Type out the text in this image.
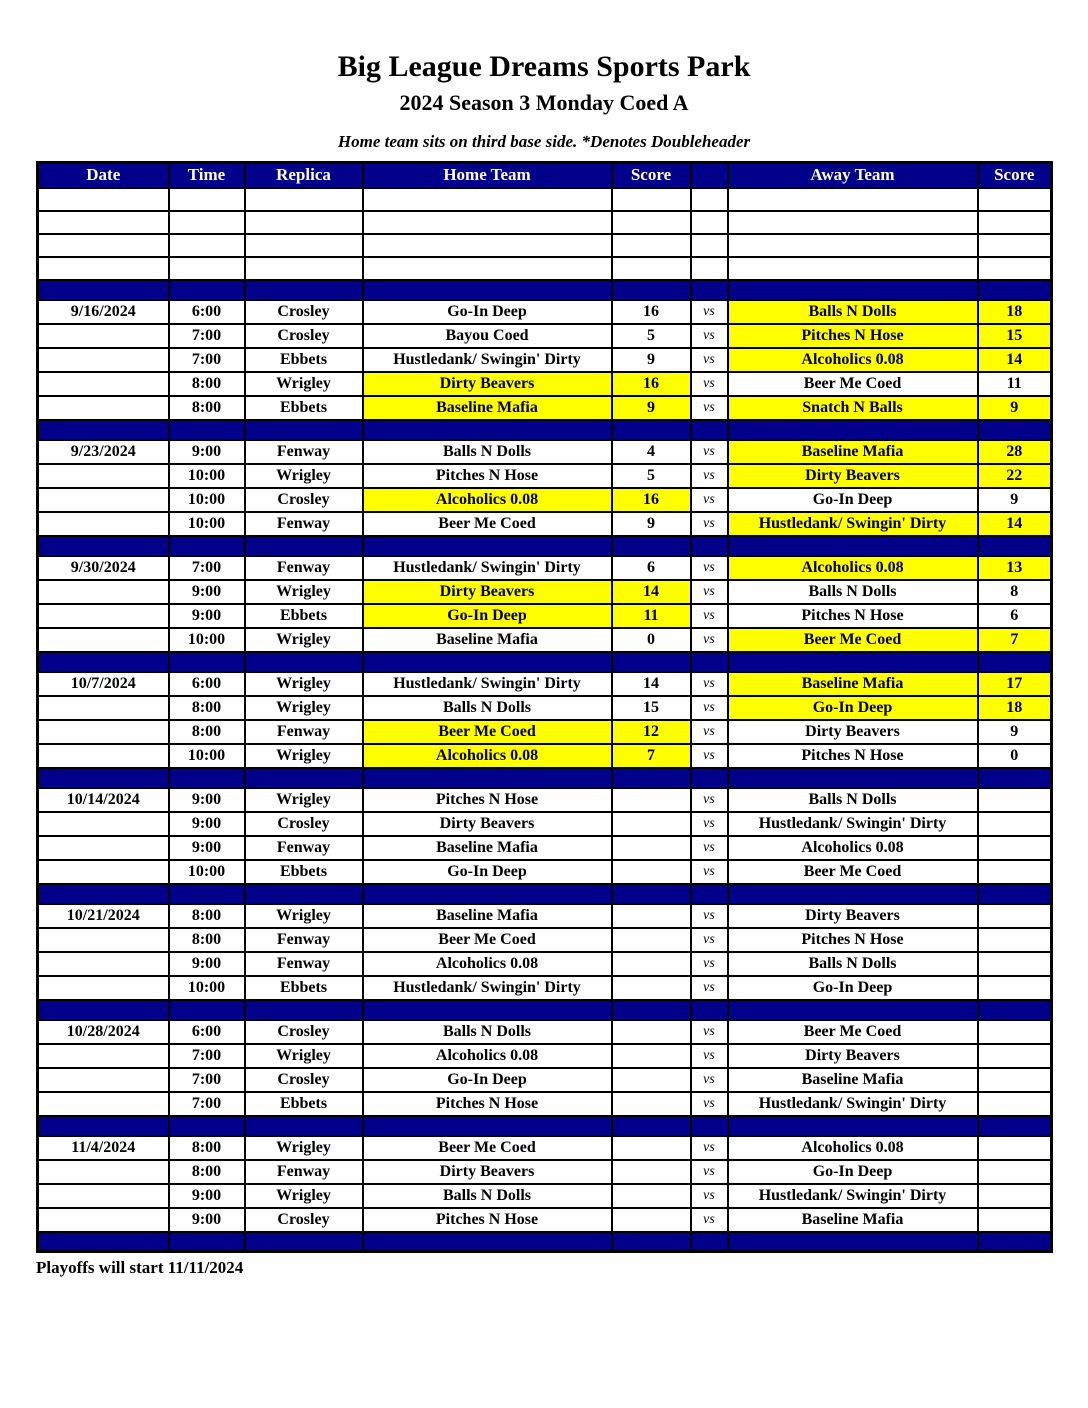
Big League Dreams Sports Park
2024 Season 3 Monday Coed A
Home team sits on third base side. *Denotes Doubleheader
Date	Time	Replica	Home Team	Score		Away Team	Score

9/16/2024	6:00	Crosley	Go-In Deep	16	vs	Balls N Dolls	18
	7:00	Crosley	Bayou Coed	5	vs	Pitches N Hose	15
	7:00	Ebbets	Hustledank/ Swingin' Dirty	9	vs	Alcoholics 0.08	14
	8:00	Wrigley	Dirty Beavers	16	vs	Beer Me Coed	11
	8:00	Ebbets	Baseline Mafia	9	vs	Snatch N Balls	9

9/23/2024	9:00	Fenway	Balls N Dolls	4	vs	Baseline Mafia	28
	10:00	Wrigley	Pitches N Hose	5	vs	Dirty Beavers	22
	10:00	Crosley	Alcoholics 0.08	16	vs	Go-In Deep	9
	10:00	Fenway	Beer Me Coed	9	vs	Hustledank/ Swingin' Dirty	14

9/30/2024	7:00	Fenway	Hustledank/ Swingin' Dirty	6	vs	Alcoholics 0.08	13
	9:00	Wrigley	Dirty Beavers	14	vs	Balls N Dolls	8
	9:00	Ebbets	Go-In Deep	11	vs	Pitches N Hose	6
	10:00	Wrigley	Baseline Mafia	0	vs	Beer Me Coed	7

10/7/2024	6:00	Wrigley	Hustledank/ Swingin' Dirty	14	vs	Baseline Mafia	17
	8:00	Wrigley	Balls N Dolls	15	vs	Go-In Deep	18
	8:00	Fenway	Beer Me Coed	12	vs	Dirty Beavers	9
	10:00	Wrigley	Alcoholics 0.08	7	vs	Pitches N Hose	0

10/14/2024	9:00	Wrigley	Pitches N Hose		vs	Balls N Dolls	
	9:00	Crosley	Dirty Beavers		vs	Hustledank/ Swingin' Dirty	
	9:00	Fenway	Baseline Mafia		vs	Alcoholics 0.08	
	10:00	Ebbets	Go-In Deep		vs	Beer Me Coed	

10/21/2024	8:00	Wrigley	Baseline Mafia		vs	Dirty Beavers	
	8:00	Fenway	Beer Me Coed		vs	Pitches N Hose	
	9:00	Fenway	Alcoholics 0.08		vs	Balls N Dolls	
	10:00	Ebbets	Hustledank/ Swingin' Dirty		vs	Go-In Deep	

10/28/2024	6:00	Crosley	Balls N Dolls		vs	Beer Me Coed	
	7:00	Wrigley	Alcoholics 0.08		vs	Dirty Beavers	
	7:00	Crosley	Go-In Deep		vs	Baseline Mafia	
	7:00	Ebbets	Pitches N Hose		vs	Hustledank/ Swingin' Dirty	

11/4/2024	8:00	Wrigley	Beer Me Coed		vs	Alcoholics 0.08	
	8:00	Fenway	Dirty Beavers		vs	Go-In Deep	
	9:00	Wrigley	Balls N Dolls		vs	Hustledank/ Swingin' Dirty	
	9:00	Crosley	Pitches N Hose		vs	Baseline Mafia	

Playoffs will start 11/11/2024
